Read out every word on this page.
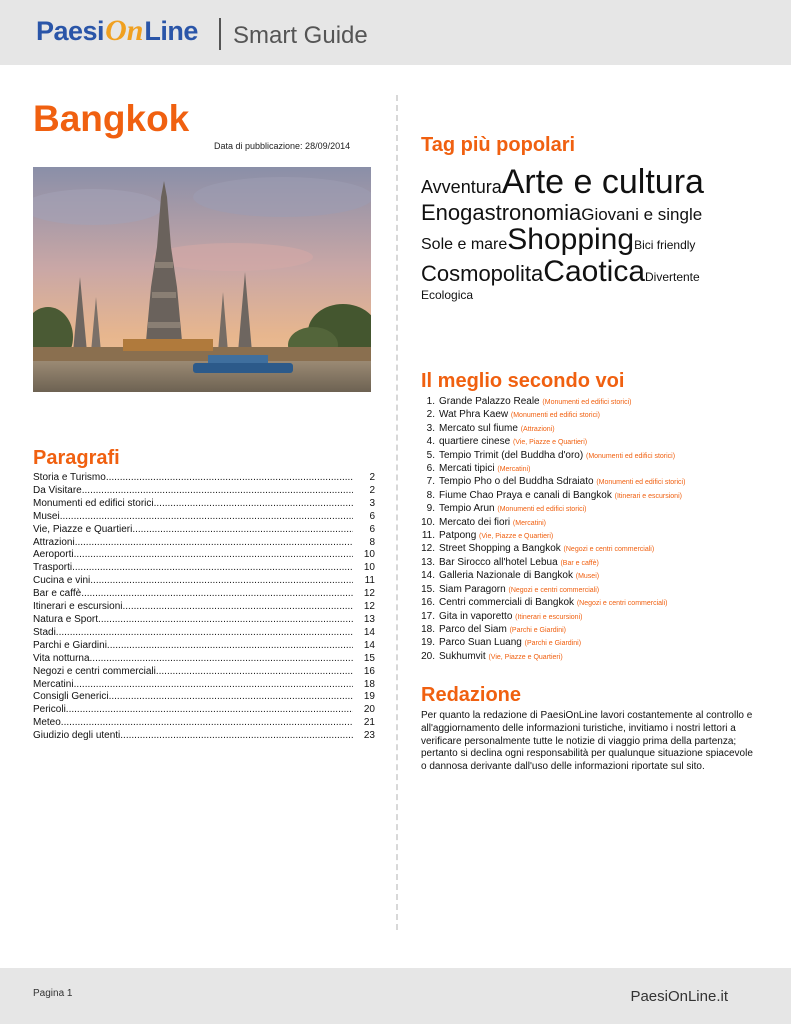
Paesi On Line Smart Guide
Bangkok
Data di pubblicazione: 28/09/2014
Paragrafi
Storia e Turismo .....	2
Da Visitare .....	2
Monumenti ed edifici storici .....	3
Musei .....	6
Vie, Piazze e Quartieri .....	6
Attrazioni .....	8
Aeroporti .....	10
Trasporti .....	10
Cucina e vini .....	11
Bar e caffè .....	12
Itinerari e escursioni .....	12
Natura e Sport .....	13
Stadi .....	14
Parchi e Giardini .....	14
Vita notturna .....	15
Negozi e centri commerciali .....	16
Mercatini .....	18
Consigli Generici .....	19
Pericoli .....	20
Meteo .....	21
Giudizio degli utenti .....	23
Tag più popolari
AvventuraArte e cultura
EnogastronomiaGiovani e single
Sole e mareShoppingBici friendly
CosmopolitaCaoticaDivertente
Ecologica
Il meglio secondo voi
1. Grande Palazzo Reale (Monumenti ed edifici storici)
2. Wat Phra Kaew (Monumenti ed edifici storici)
3. Mercato sul fiume (Attrazioni)
4. quartiere cinese (Vie, Piazze e Quartieri)
5. Tempio Trimit (del Buddha d'oro) (Monumenti ed edifici storici)
6. Mercati tipici (Mercatini)
7. Tempio Pho o del Buddha Sdraiato (Monumenti ed edifici storici)
8. Fiume Chao Praya e canali di Bangkok (Itinerari e escursioni)
9. Tempio Arun (Monumenti ed edifici storici)
10. Mercato dei fiori (Mercatini)
11. Patpong (Vie, Piazze e Quartieri)
12. Street Shopping a Bangkok (Negozi e centri commerciali)
13. Bar Sirocco all'hotel Lebua (Bar e caffè)
14. Galleria Nazionale di Bangkok (Musei)
15. Siam Paragorn (Negozi e centri commerciali)
16. Centri commerciali di Bangkok (Negozi e centri commerciali)
17. Gita in vaporetto (Itinerari e escursioni)
18. Parco del Siam (Parchi e Giardini)
19. Parco Suan Luang (Parchi e Giardini)
20. Sukhumvit (Vie, Piazze e Quartieri)
Redazione
Per quanto la redazione di PaesiOnLine lavori costantemente al controllo e all'aggiornamento delle informazioni turistiche, invitiamo i nostri lettori a verificare personalmente tutte le notizie di viaggio prima della partenza; pertanto si declina ogni responsabilità per qualunque situazione spiacevole o dannosa derivante dall'uso delle informazioni riportate sul sito.
Pagina 1	PaesiOnLine.it
